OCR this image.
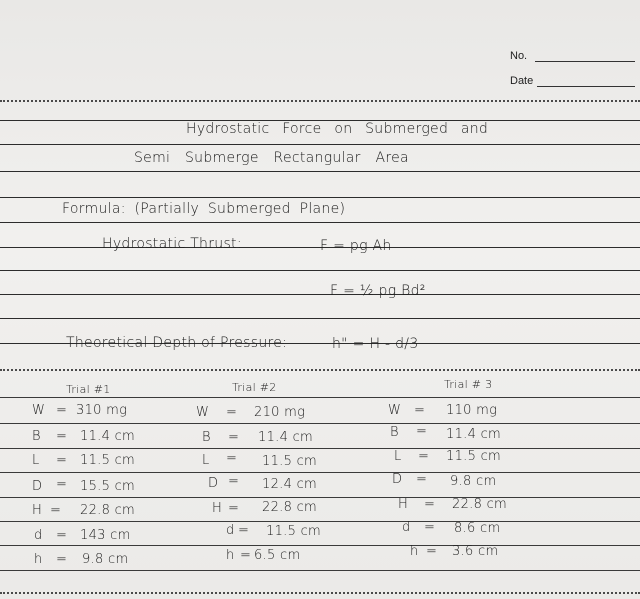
No.
Date
Hydrostatic Force on Submerged and
Semi Submerge Rectangular Area
Formula: (Partially Submerged Plane)
Hydrostatic Thrust:	F = pg Ah
F = ½ pg Bd²
Theoretical Depth of Pressure:	h" = H - d/3
Trial #1
W = 310 mg
B = 11.4 cm
L = 11.5 cm
D = 15.5 cm
H = 22.8 cm
d = 143 cm
h = 9.8 cm
Trial #2
W = 210 mg
B = 11.4 cm
L = 11.5 cm
D = 12.4 cm
H = 22.8 cm
d = 11.5 cm
h = 6.5 cm
Trial # 3
W = 110 mg
B = 11.4 cm
L = 11.5 cm
D = 9.8 cm
H = 22.8 cm
d = 8.6 cm
h = 3.6 cm
